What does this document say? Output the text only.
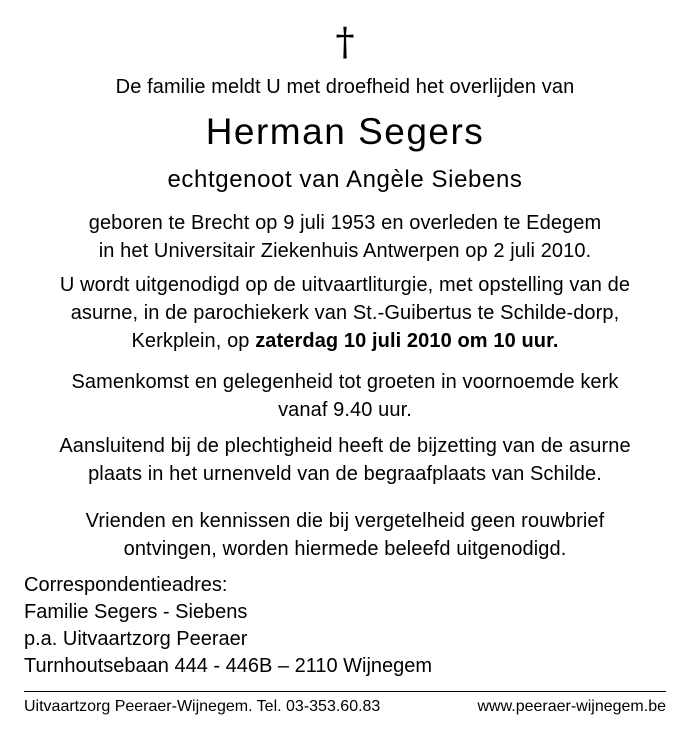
†

De familie meldt U met droefheid het overlijden van

Herman Segers

echtgenoot van Angèle Siebens

geboren te Brecht op 9 juli 1953 en overleden te Edegem
in het Universitair Ziekenhuis Antwerpen op 2 juli 2010.

U wordt uitgenodigd op de uitvaartliturgie, met opstelling van de
asurne, in de parochiekerk van St.-Guibertus te Schilde-dorp,
Kerkplein, op zaterdag 10 juli 2010 om 10 uur.

Samenkomst en gelegenheid tot groeten in voornoemde kerk
vanaf 9.40 uur.

Aansluitend bij de plechtigheid heeft de bijzetting van de asurne
plaats in het urnenveld van de begraafplaats van Schilde.

Vrienden en kennissen die bij vergetelheid geen rouwbrief
ontvingen, worden hiermede beleefd uitgenodigd.

Correspondentieadres:
Familie Segers - Siebens
p.a. Uitvaartzorg Peeraer
Turnhoutsebaan 444 - 446B – 2110 Wijnegem
Uitvaartzorg Peeraer-Wijnegem. Tel. 03-353.60.83	www.peeraer-wijnegem.be
